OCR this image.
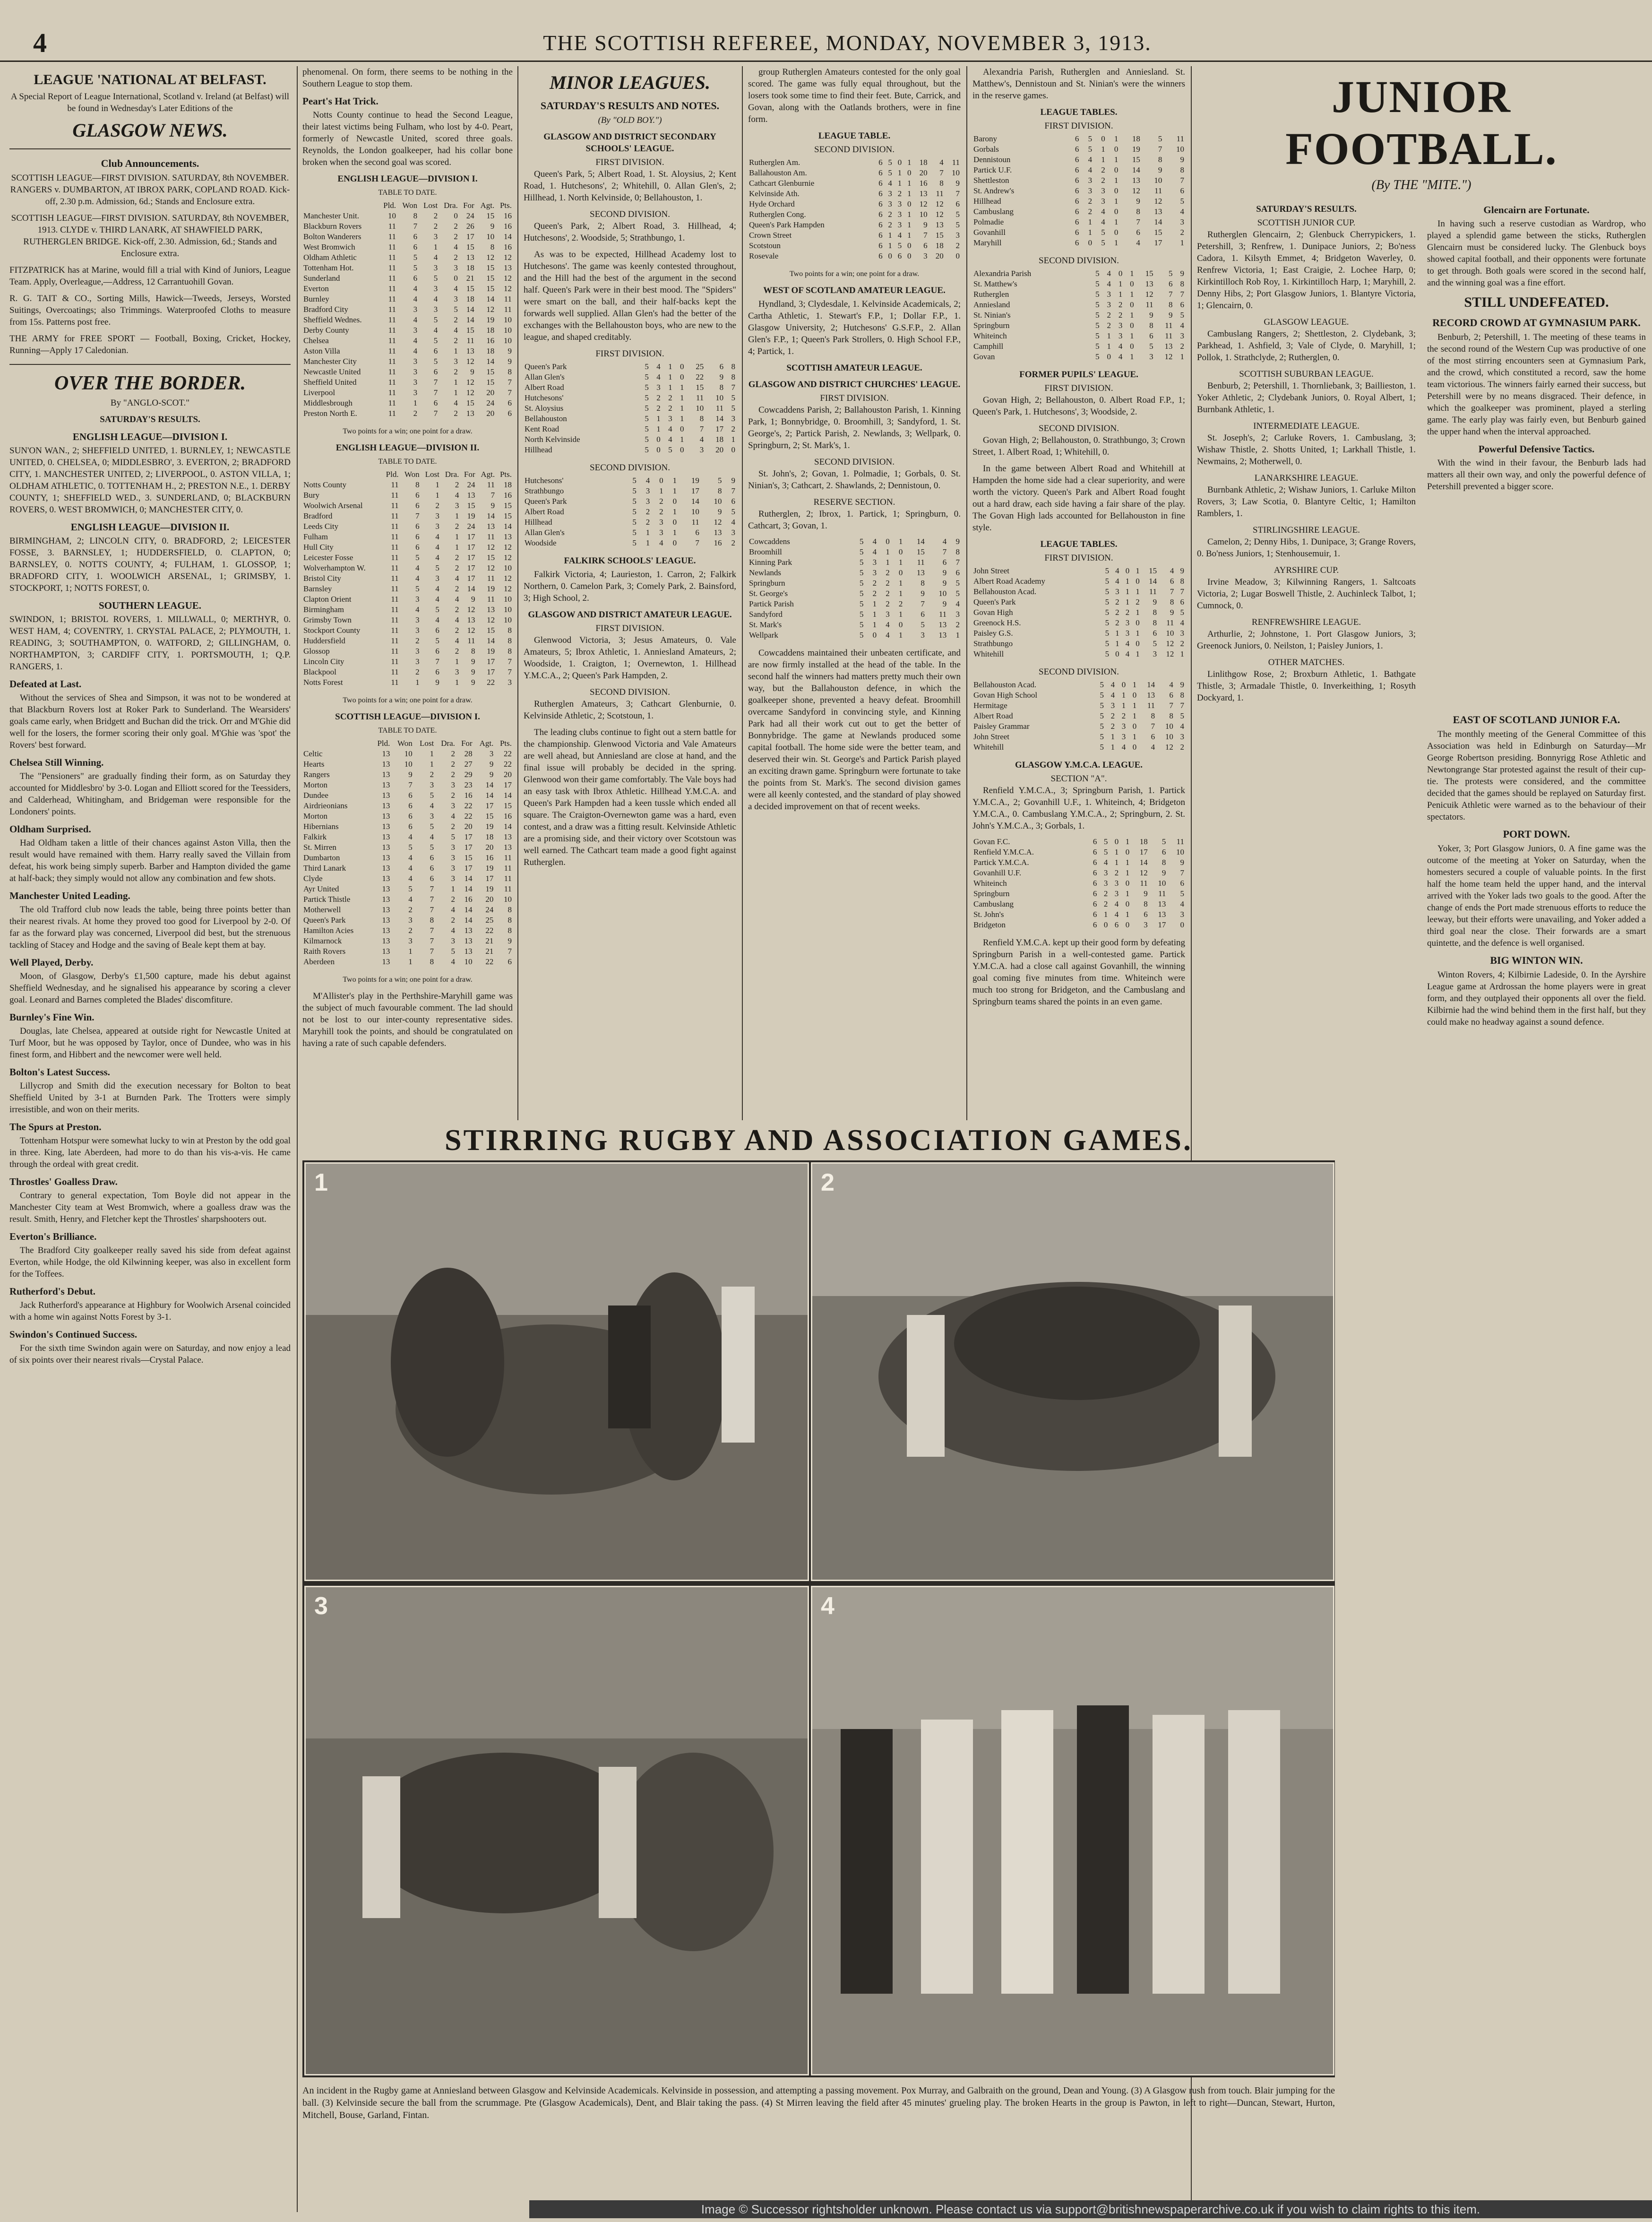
4	THE SCOTTISH REFEREE, MONDAY, NOVEMBER 3, 1913.
LEAGUE 'NATIONAL AT BELFAST.

A Special Report of League International, Scotland v. Ireland (at Belfast) will be found in Wednesday's Later Editions of the

GLASGOW NEWS.
Club Announcements.

SCOTTISH LEAGUE—FIRST DIVISION. SATURDAY, 8th NOVEMBER. RANGERS v. DUMBARTON, AT IBROX PARK, COPLAND ROAD. Kick-off, 2.30 p.m. Admission, 6d.; Stands and Enclosure extra.

SCOTTISH LEAGUE—FIRST DIVISION. SATURDAY, 8th NOVEMBER, 1913. CLYDE v. THIRD LANARK, AT SHAWFIELD PARK, RUTHERGLEN BRIDGE. Kick-off, 2.30. Admission, 6d.; Stands and Enclosure extra.

FITZPATRICK has at Marine, would fill a trial with Kind of Juniors, League Team. Apply, Overleague,—Address, 12 Carrantuohill Govan.

R. G. TAIT & CO., Sorting Mills, Hawick—Tweeds, Jerseys, Worsted Suitings, Overcoatings; also Trimmings. Waterproofed Cloths to measure from 15s. Patterns post free.

THE ARMY for FREE SPORT — Football, Boxing, Cricket, Hockey, Running—Apply 17 Caledonian.

OVER THE BORDER.
By "ANGLO-SCOT."
SATURDAY'S RESULTS.
ENGLISH LEAGUE—DIVISION I.

SUN'ON WAN., 2; SHEFFIELD UNITED, 1. BURNLEY, 1; NEWCASTLE UNITED, 0. CHELSEA, 0; MIDDLESBRO', 3. EVERTON, 2; BRADFORD CITY, 1. MANCHESTER UNITED, 2; LIVERPOOL, 0. ASTON VILLA, 1; OLDHAM ATHLETIC, 0. TOTTENHAM H., 2; PRESTON N.E., 1. DERBY COUNTY, 1; SHEFFIELD WED., 3. SUNDERLAND, 0; BLACKBURN ROVERS, 0. WEST BROMWICH, 0; MANCHESTER CITY, 0.

ENGLISH LEAGUE—DIVISION II.

BIRMINGHAM, 2; LINCOLN CITY, 0. BRADFORD, 2; LEICESTER FOSSE, 3. BARNSLEY, 1; HUDDERSFIELD, 0. CLAPTON, 0; BARNSLEY, 0. NOTTS COUNTY, 4; FULHAM, 1. GLOSSOP, 1; BRADFORD CITY, 1. WOOLWICH ARSENAL, 1; GRIMSBY, 1. STOCKPORT, 1; NOTTS FOREST, 0.

SOUTHERN LEAGUE.

SWINDON, 1; BRISTOL ROVERS, 1. MILLWALL, 0; MERTHYR, 0. WEST HAM, 4; COVENTRY, 1. CRYSTAL PALACE, 2; PLYMOUTH, 1. READING, 3; SOUTHAMPTON, 0. WATFORD, 2; GILLINGHAM, 0. NORTHAMPTON, 3; CARDIFF CITY, 1. PORTSMOUTH, 1; Q.P. RANGERS, 1.

Defeated at Last.

Without the services of Shea and Simpson, it was not to be wondered at that Blackburn Rovers lost at Roker Park to Sunderland. The Wearsiders' goals came early, when Bridgett and Buchan did the trick. Orr and M'Ghie did well for the losers, the former scoring their only goal. M'Ghie was 'spot' the Rovers' best forward.

Chelsea Still Winning.

The "Pensioners" are gradually finding their form, as on Saturday they accounted for Middlesbro' by 3-0. Logan and Elliott scored for the Teessiders, and Calderhead, Whitingham, and Bridgeman were responsible for the Londoners' points.

Oldham Surprised.

Had Oldham taken a little of their chances against Aston Villa, then the result would have remained with them. Harry really saved the Villain from defeat, his work being simply superb. Barber and Hampton divided the game at half-back; they simply would not allow any combination and few shots.

Manchester United Leading.

The old Trafford club now leads the table, being three points better than their nearest rivals. At home they proved too good for Liverpool by 2-0. Of far as the forward play was concerned, Liverpool did best, but the strenuous tackling of Stacey and Hodge and the saving of Beale kept them at bay.

Well Played, Derby.

Moon, of Glasgow, Derby's £1,500 capture, made his debut against Sheffield Wednesday, and he signalised his appearance by scoring a clever goal. Leonard and Barnes completed the Blades' discomfiture.

Burnley's Fine Win.

Douglas, late Chelsea, appeared at outside right for Newcastle United at Turf Moor, but he was opposed by Taylor, once of Dundee, who was in his finest form, and Hibbert and the newcomer were well held.

Bolton's Latest Success.

Lillycrop and Smith did the execution necessary for Bolton to beat Sheffield United by 3-1 at Burnden Park. The Trotters were simply irresistible, and won on their merits.

The Spurs at Preston.

Tottenham Hotspur were somewhat lucky to win at Preston by the odd goal in three. King, late Aberdeen, had more to do than his vis-a-vis. He came through the ordeal with great credit.

Throstles' Goalless Draw.

Contrary to general expectation, Tom Boyle did not appear in the Manchester City team at West Bromwich, where a goalless draw was the result. Smith, Henry, and Fletcher kept the Throstles' sharpshooters out.

Everton's Brilliance.

The Bradford City goalkeeper really saved his side from defeat against Everton, while Hodge, the old Kilwinning keeper, was also in excellent form for the Toffees.

Rutherford's Debut.

Jack Rutherford's appearance at Highbury for Woolwich Arsenal coincided with a home win against Notts Forest by 3-1.

Swindon's Continued Success.

For the sixth time Swindon again were on Saturday, and now enjoy a lead of six points over their nearest rivals—Crystal Palace.

phenomenal. On form, there seems to be nothing in the Southern League to stop them.

Peart's Hat Trick.

Notts County continue to head the Second League, their latest victims being Fulham, who lost by 4-0. Peart, formerly of Newcastle United, scored three goals. Reynolds, the London goalkeeper, had his collar bone broken when the second goal was scored.

ENGLISH LEAGUE—DIVISION I.
TABLE TO DATE.
	Pld.	Won	Lost	Dra.	For	Agt.	Pts.
Manchester Unit.	10	8	2	0	24	15	16
Blackburn Rovers	11	7	2	2	26	9	16
Bolton Wanderers	11	6	3	2	17	10	14
West Bromwich	11	6	1	4	15	8	16
Oldham Athletic	11	5	4	2	13	12	12
Tottenham Hot.	11	5	3	3	18	15	13
Sunderland	11	6	5	0	21	15	12
Everton	11	4	3	4	15	15	12
Burnley	11	4	4	3	18	14	11
Bradford City	11	3	3	5	14	12	11
Sheffield Wednes.	11	4	5	2	14	19	10
Derby County	11	3	4	4	15	18	10
Chelsea	11	4	5	2	11	16	10
Aston Villa	11	4	6	1	13	18	9
Manchester City	11	3	5	3	12	14	9
Newcastle United	11	3	6	2	9	15	8
Sheffield United	11	3	7	1	12	15	7
Liverpool	11	3	7	1	12	20	7
Middlesbrough	11	1	6	4	15	24	6
Preston North E.	11	2	7	2	13	20	6
Two points for a win; one point for a draw.
ENGLISH LEAGUE—DIVISION II.
TABLE TO DATE.
	Pld.	Won	Lost	Dra.	For	Agt.	Pts.
Notts County	11	8	1	2	24	11	18
Bury	11	6	1	4	13	7	16
Woolwich Arsenal	11	6	2	3	15	9	15
Bradford	11	7	3	1	19	14	15
Leeds City	11	6	3	2	24	13	14
Fulham	11	6	4	1	17	11	13
Hull City	11	6	4	1	17	12	12
Leicester Fosse	11	5	4	2	17	15	12
Wolverhampton W.	11	4	5	2	17	12	10
Bristol City	11	4	3	4	17	11	12
Barnsley	11	5	4	2	14	19	12
Clapton Orient	11	3	4	4	9	11	10
Birmingham	11	4	5	2	12	13	10
Grimsby Town	11	3	4	4	13	12	10
Stockport County	11	3	6	2	12	15	8
Huddersfield	11	2	5	4	11	14	8
Glossop	11	3	6	2	8	19	8
Lincoln City	11	3	7	1	9	17	7
Blackpool	11	2	6	3	9	17	7
Notts Forest	11	1	9	1	9	22	3
Two points for a win; one point for a draw.
SCOTTISH LEAGUE—DIVISION I.
TABLE TO DATE.
	Pld.	Won	Lost	Dra.	For	Agt.	Pts.
Celtic	13	10	1	2	28	3	22
Hearts	13	10	1	2	27	9	22
Rangers	13	9	2	2	29	9	20
Morton	13	7	3	3	23	14	17
Dundee	13	6	5	2	16	14	14
Airdrieonians	13	6	4	3	22	17	15
Morton	13	6	3	4	22	15	16
Hibernians	13	6	5	2	20	19	14
Falkirk	13	4	4	5	17	18	13
St. Mirren	13	5	5	3	17	20	13
Dumbarton	13	4	6	3	15	16	11
Third Lanark	13	4	6	3	17	19	11
Clyde	13	4	6	3	14	17	11
Ayr United	13	5	7	1	14	19	11
Partick Thistle	13	4	7	2	16	20	10
Motherwell	13	2	7	4	14	24	8
Queen's Park	13	3	8	2	14	25	8
Hamilton Acies	13	2	7	4	13	22	8
Kilmarnock	13	3	7	3	13	21	9
Raith Rovers	13	1	7	5	13	21	7
Aberdeen	13	1	8	4	10	22	6
Two points for a win; one point for a draw.

M'Allister's play in the Perthshire-Maryhill game was the subject of much favourable comment. The lad should not be lost to our inter-county representative sides. Maryhill took the points, and should be congratulated on having a rate of such capable defenders.

MINOR LEAGUES.
SATURDAY'S RESULTS AND NOTES.
(By "OLD BOY.")
GLASGOW AND DISTRICT SECONDARY SCHOOLS' LEAGUE.
FIRST DIVISION.

Queen's Park, 5; Albert Road, 1. St. Aloysius, 2; Kent Road, 1. Hutchesons', 2; Whitehill, 0. Allan Glen's, 2; Hillhead, 1. North Kelvinside, 0; Bellahouston, 1.

SECOND DIVISION.

Queen's Park, 2; Albert Road, 3. Hillhead, 4; Hutchesons', 2. Woodside, 5; Strathbungo, 1.

As was to be expected, Hillhead Academy lost to Hutchesons'. The game was keenly contested throughout, and the Hill had the best of the argument in the second half. Queen's Park were in their best mood. The "Spiders" were smart on the ball, and their half-backs kept the forwards well supplied. Allan Glen's had the better of the exchanges with the Bellahouston boys, who are new to the league, and shaped creditably.

FIRST DIVISION.
Queen's Park	5	4	1	0	25	6	8
Allan Glen's	5	4	1	0	22	9	8
Albert Road	5	3	1	1	15	8	7
Hutchesons'	5	2	2	1	11	10	5
St. Aloysius	5	2	2	1	10	11	5
Bellahouston	5	1	3	1	8	14	3
Kent Road	5	1	4	0	7	17	2
North Kelvinside	5	0	4	1	4	18	1
Hillhead	5	0	5	0	3	20	0
SECOND DIVISION.
Hutchesons'	5	4	0	1	19	5	9
Strathbungo	5	3	1	1	17	8	7
Queen's Park	5	3	2	0	14	10	6
Albert Road	5	2	2	1	10	9	5
Hillhead	5	2	3	0	11	12	4
Allan Glen's	5	1	3	1	6	13	3
Woodside	5	1	4	0	7	16	2
FALKIRK SCHOOLS' LEAGUE.

Falkirk Victoria, 4; Laurieston, 1. Carron, 2; Falkirk Northern, 0. Camelon Park, 3; Comely Park, 2. Bainsford, 3; High School, 2.

GLASGOW AND DISTRICT AMATEUR LEAGUE.
FIRST DIVISION.

Glenwood Victoria, 3; Jesus Amateurs, 0. Vale Amateurs, 5; Ibrox Athletic, 1. Anniesland Amateurs, 2; Woodside, 1. Craigton, 1; Overnewton, 1. Hillhead Y.M.C.A., 2; Queen's Park Hampden, 2.

SECOND DIVISION.

Rutherglen Amateurs, 3; Cathcart Glenburnie, 0. Kelvinside Athletic, 2; Scotstoun, 1.

The leading clubs continue to fight out a stern battle for the championship. Glenwood Victoria and Vale Amateurs are well ahead, but Anniesland are close at hand, and the final issue will probably be decided in the spring. Glenwood won their game comfortably. The Vale boys had an easy task with Ibrox Athletic. Hillhead Y.M.C.A. and Queen's Park Hampden had a keen tussle which ended all square. The Craigton-Overnewton game was a hard, even contest, and a draw was a fitting result. Kelvinside Athletic are a promising side, and their victory over Scotstoun was well earned. The Cathcart team made a good fight against Rutherglen.

group Rutherglen Amateurs contested for the only goal scored. The game was fully equal throughout, but the losers took some time to find their feet. Bute, Carrick, and Govan, along with the Oatlands brothers, were in fine form.

LEAGUE TABLE.
SECOND DIVISION.
Rutherglen Am.	6	5	0	1	18	4	11
Ballahouston Am.	6	5	1	0	20	7	10
Cathcart Glenburnie	6	4	1	1	16	8	9
Kelvinside Ath.	6	3	2	1	13	11	7
Hyde Orchard	6	3	3	0	12	12	6
Rutherglen Cong.	6	2	3	1	10	12	5
Queen's Park Hampden	6	2	3	1	9	13	5
Crown Street	6	1	4	1	7	15	3
Scotstoun	6	1	5	0	6	18	2
Rosevale	6	0	6	0	3	20	0
Two points for a win; one point for a draw.
WEST OF SCOTLAND AMATEUR LEAGUE.

Hyndland, 3; Clydesdale, 1. Kelvinside Academicals, 2; Cartha Athletic, 1. Stewart's F.P., 1; Dollar F.P., 1. Glasgow University, 2; Hutchesons' G.S.F.P., 2. Allan Glen's F.P., 1; Queen's Park Strollers, 0. High School F.P., 4; Partick, 1.

SCOTTISH AMATEUR LEAGUE.
GLASGOW AND DISTRICT CHURCHES' LEAGUE.
FIRST DIVISION.

Cowcaddens Parish, 2; Ballahouston Parish, 1. Kinning Park, 1; Bonnybridge, 0. Broomhill, 3; Sandyford, 1. St. George's, 2; Partick Parish, 2. Newlands, 3; Wellpark, 0. Springburn, 2; St. Mark's, 1.

SECOND DIVISION.

St. John's, 2; Govan, 1. Polmadie, 1; Gorbals, 0. St. Ninian's, 3; Cathcart, 2. Shawlands, 2; Dennistoun, 0.

RESERVE SECTION.

Rutherglen, 2; Ibrox, 1. Partick, 1; Springburn, 0. Cathcart, 3; Govan, 1.

Cowcaddens	5	4	0	1	14	4	9
Broomhill	5	4	1	0	15	7	8
Kinning Park	5	3	1	1	11	6	7
Newlands	5	3	2	0	13	9	6
Springburn	5	2	2	1	8	9	5
St. George's	5	2	2	1	9	10	5
Partick Parish	5	1	2	2	7	9	4
Sandyford	5	1	3	1	6	11	3
St. Mark's	5	1	4	0	5	13	2
Wellpark	5	0	4	1	3	13	1

Cowcaddens maintained their unbeaten certificate, and are now firmly installed at the head of the table. In the second half the winners had matters pretty much their own way, but the Ballahouston defence, in which the goalkeeper shone, prevented a heavy defeat. Broomhill overcame Sandyford in convincing style, and Kinning Park had all their work cut out to get the better of Bonnybridge. The game at Newlands produced some capital football. The home side were the better team, and deserved their win. St. George's and Partick Parish played an exciting drawn game. Springburn were fortunate to take the points from St. Mark's. The second division games were all keenly contested, and the standard of play showed a decided improvement on that of recent weeks.

Alexandria Parish, Rutherglen and Anniesland. St. Matthew's, Dennistoun and St. Ninian's were the winners in the reserve games.

LEAGUE TABLES.
FIRST DIVISION.
Barony	6	5	0	1	18	5	11
Gorbals	6	5	1	0	19	7	10
Dennistoun	6	4	1	1	15	8	9
Partick U.F.	6	4	2	0	14	9	8
Shettleston	6	3	2	1	13	10	7
St. Andrew's	6	3	3	0	12	11	6
Hillhead	6	2	3	1	9	12	5
Cambuslang	6	2	4	0	8	13	4
Polmadie	6	1	4	1	7	14	3
Govanhill	6	1	5	0	6	15	2
Maryhill	6	0	5	1	4	17	1
SECOND DIVISION.
Alexandria Parish	5	4	0	1	15	5	9
St. Matthew's	5	4	1	0	13	6	8
Rutherglen	5	3	1	1	12	7	7
Anniesland	5	3	2	0	11	8	6
St. Ninian's	5	2	2	1	9	9	5
Springburn	5	2	3	0	8	11	4
Whiteinch	5	1	3	1	6	11	3
Camphill	5	1	4	0	5	13	2
Govan	5	0	4	1	3	12	1
FORMER PUPILS' LEAGUE.
FIRST DIVISION.

Govan High, 2; Bellahouston, 0. Albert Road F.P., 1; Queen's Park, 1. Hutchesons', 3; Woodside, 2.

SECOND DIVISION.

Govan High, 2; Bellahouston, 0. Strathbungo, 3; Crown Street, 1. Albert Road, 1; Whitehill, 0.

In the game between Albert Road and Whitehill at Hampden the home side had a clear superiority, and were worth the victory. Queen's Park and Albert Road fought out a hard draw, each side having a fair share of the play. The Govan High lads accounted for Bellahouston in fine style.

LEAGUE TABLES.
FIRST DIVISION.
John Street	5	4	0	1	15	4	9
Albert Road Academy	5	4	1	0	14	6	8
Bellahouston Acad.	5	3	1	1	11	7	7
Queen's Park	5	2	1	2	9	8	6
Govan High	5	2	2	1	8	9	5
Greenock H.S.	5	2	3	0	8	11	4
Paisley G.S.	5	1	3	1	6	10	3
Strathbungo	5	1	4	0	5	12	2
Whitehill	5	0	4	1	3	12	1
SECOND DIVISION.
Bellahouston Acad.	5	4	0	1	14	4	9
Govan High School	5	4	1	0	13	6	8
Hermitage	5	3	1	1	11	7	7
Albert Road	5	2	2	1	8	8	5
Paisley Grammar	5	2	3	0	7	10	4
John Street	5	1	3	1	6	10	3
Whitehill	5	1	4	0	4	12	2
GLASGOW Y.M.C.A. LEAGUE.
SECTION "A".

Renfield Y.M.C.A., 3; Springburn Parish, 1. Partick Y.M.C.A., 2; Govanhill U.F., 1. Whiteinch, 4; Bridgeton Y.M.C.A., 0. Cambuslang Y.M.C.A., 2; Springburn, 2. St. John's Y.M.C.A., 3; Gorbals, 1.

Govan F.C.	6	5	0	1	18	5	11
Renfield Y.M.C.A.	6	5	1	0	17	6	10
Partick Y.M.C.A.	6	4	1	1	14	8	9
Govanhill U.F.	6	3	2	1	12	9	7
Whiteinch	6	3	3	0	11	10	6
Springburn	6	2	3	1	9	11	5
Cambuslang	6	2	4	0	8	13	4
St. John's	6	1	4	1	6	13	3
Bridgeton	6	0	6	0	3	17	0

Renfield Y.M.C.A. kept up their good form by defeating Springburn Parish in a well-contested game. Partick Y.M.C.A. had a close call against Govanhill, the winning goal coming five minutes from time. Whiteinch were much too strong for Bridgeton, and the Cambuslang and Springburn teams shared the points in an even game.

JUNIOR FOOTBALL.
(By THE "MITE.")
SATURDAY'S RESULTS.
SCOTTISH JUNIOR CUP.

Rutherglen Glencairn, 2; Glenbuck Cherrypickers, 1. Petershill, 3; Renfrew, 1. Dunipace Juniors, 2; Bo'ness Cadora, 1. Kilsyth Emmet, 4; Bridgeton Waverley, 0. Renfrew Victoria, 1; East Craigie, 2. Lochee Harp, 0; Kirkintilloch Rob Roy, 1. Kirkintilloch Harp, 1; Maryhill, 2. Denny Hibs, 2; Port Glasgow Juniors, 1. Blantyre Victoria, 1; Glencairn, 0.

GLASGOW LEAGUE.

Cambuslang Rangers, 2; Shettleston, 2. Clydebank, 3; Parkhead, 1. Ashfield, 3; Vale of Clyde, 0. Maryhill, 1; Pollok, 1. Strathclyde, 2; Rutherglen, 0.

SCOTTISH SUBURBAN LEAGUE.

Benburb, 2; Petershill, 1. Thornliebank, 3; Baillieston, 1. Yoker Athletic, 2; Clydebank Juniors, 0. Royal Albert, 1; Burnbank Athletic, 1.

INTERMEDIATE LEAGUE.

St. Joseph's, 2; Carluke Rovers, 1. Cambuslang, 3; Wishaw Thistle, 2. Shotts United, 1; Larkhall Thistle, 1. Newmains, 2; Motherwell, 0.

LANARKSHIRE LEAGUE.

Burnbank Athletic, 2; Wishaw Juniors, 1. Carluke Milton Rovers, 3; Law Scotia, 0. Blantyre Celtic, 1; Hamilton Ramblers, 1.

STIRLINGSHIRE LEAGUE.

Camelon, 2; Denny Hibs, 1. Dunipace, 3; Grange Rovers, 0. Bo'ness Juniors, 1; Stenhousemuir, 1.

AYRSHIRE CUP.

Irvine Meadow, 3; Kilwinning Rangers, 1. Saltcoats Victoria, 2; Lugar Boswell Thistle, 2. Auchinleck Talbot, 1; Cumnock, 0.

RENFREWSHIRE LEAGUE.

Arthurlie, 2; Johnstone, 1. Port Glasgow Juniors, 3; Greenock Juniors, 0. Neilston, 1; Paisley Juniors, 1.

OTHER MATCHES.

Linlithgow Rose, 2; Broxburn Athletic, 1. Bathgate Thistle, 3; Armadale Thistle, 0. Inverkeithing, 1; Rosyth Dockyard, 1.

Glencairn are Fortunate.

In having such a reserve custodian as Wardrop, who played a splendid game between the sticks, Rutherglen Glencairn must be considered lucky. The Glenbuck boys showed capital football, and their opponents were fortunate to get through. Both goals were scored in the second half, and the winning goal was a fine effort.

STILL UNDEFEATED.
RECORD CROWD AT GYMNASIUM PARK.

Benburb, 2; Petershill, 1. The meeting of these teams in the second round of the Western Cup was productive of one of the most stirring encounters seen at Gymnasium Park, and the crowd, which constituted a record, saw the home team victorious. The winners fairly earned their success, but Petershill were by no means disgraced. Their defence, in which the goalkeeper was prominent, played a sterling game. The early play was fairly even, but Benburb gained the upper hand when the interval approached.

Powerful Defensive Tactics.

With the wind in their favour, the Benburb lads had matters all their own way, and only the powerful defence of Petershill prevented a bigger score.

EAST OF SCOTLAND JUNIOR F.A.

The monthly meeting of the General Committee of this Association was held in Edinburgh on Saturday—Mr George Robertson presiding. Bonnyrigg Rose Athletic and Newtongrange Star protested against the result of their cup-tie. The protests were considered, and the committee decided that the games should be replayed on Saturday first. Penicuik Athletic were warned as to the behaviour of their spectators.

PORT DOWN.

Yoker, 3; Port Glasgow Juniors, 0. A fine game was the outcome of the meeting at Yoker on Saturday, when the homesters secured a couple of valuable points. In the first half the home team held the upper hand, and the interval arrived with the Yoker lads two goals to the good. After the change of ends the Port made strenuous efforts to reduce the leeway, but their efforts were unavailing, and Yoker added a third goal near the close. Their forwards are a smart quintette, and the defence is well organised.

BIG WINTON WIN.

Winton Rovers, 4; Kilbirnie Ladeside, 0. In the Ayrshire League game at Ardrossan the home players were in great form, and they outplayed their opponents all over the field. Kilbirnie had the wind behind them in the first half, but they could make no headway against a sound defence.

STIRRING RUGBY AND ASSOCIATION GAMES.
1	2
3	4
An incident in the Rugby game at Anniesland between Glasgow and Kelvinside Academicals. Kelvinside in possession, and attempting a passing movement. Pox Murray, and Galbraith on the ground, Dean and Young. (3) A Glasgow rush from touch. Blair jumping for the ball. (3) Kelvinside secure the ball from the scrummage. Pte (Glasgow Academicals), Dent, and Blair taking the pass. (4) St Mirren leaving the field after 45 minutes' grueling play. The broken Hearts in the group is Pawton, in left to right—Duncan, Stewart, Hurton, Mitchell, Bouse, Garland, Fintan.
Image © Successor rightsholder unknown. Please contact us via support@britishnewspaperarchive.co.uk if you wish to claim rights to this item.
